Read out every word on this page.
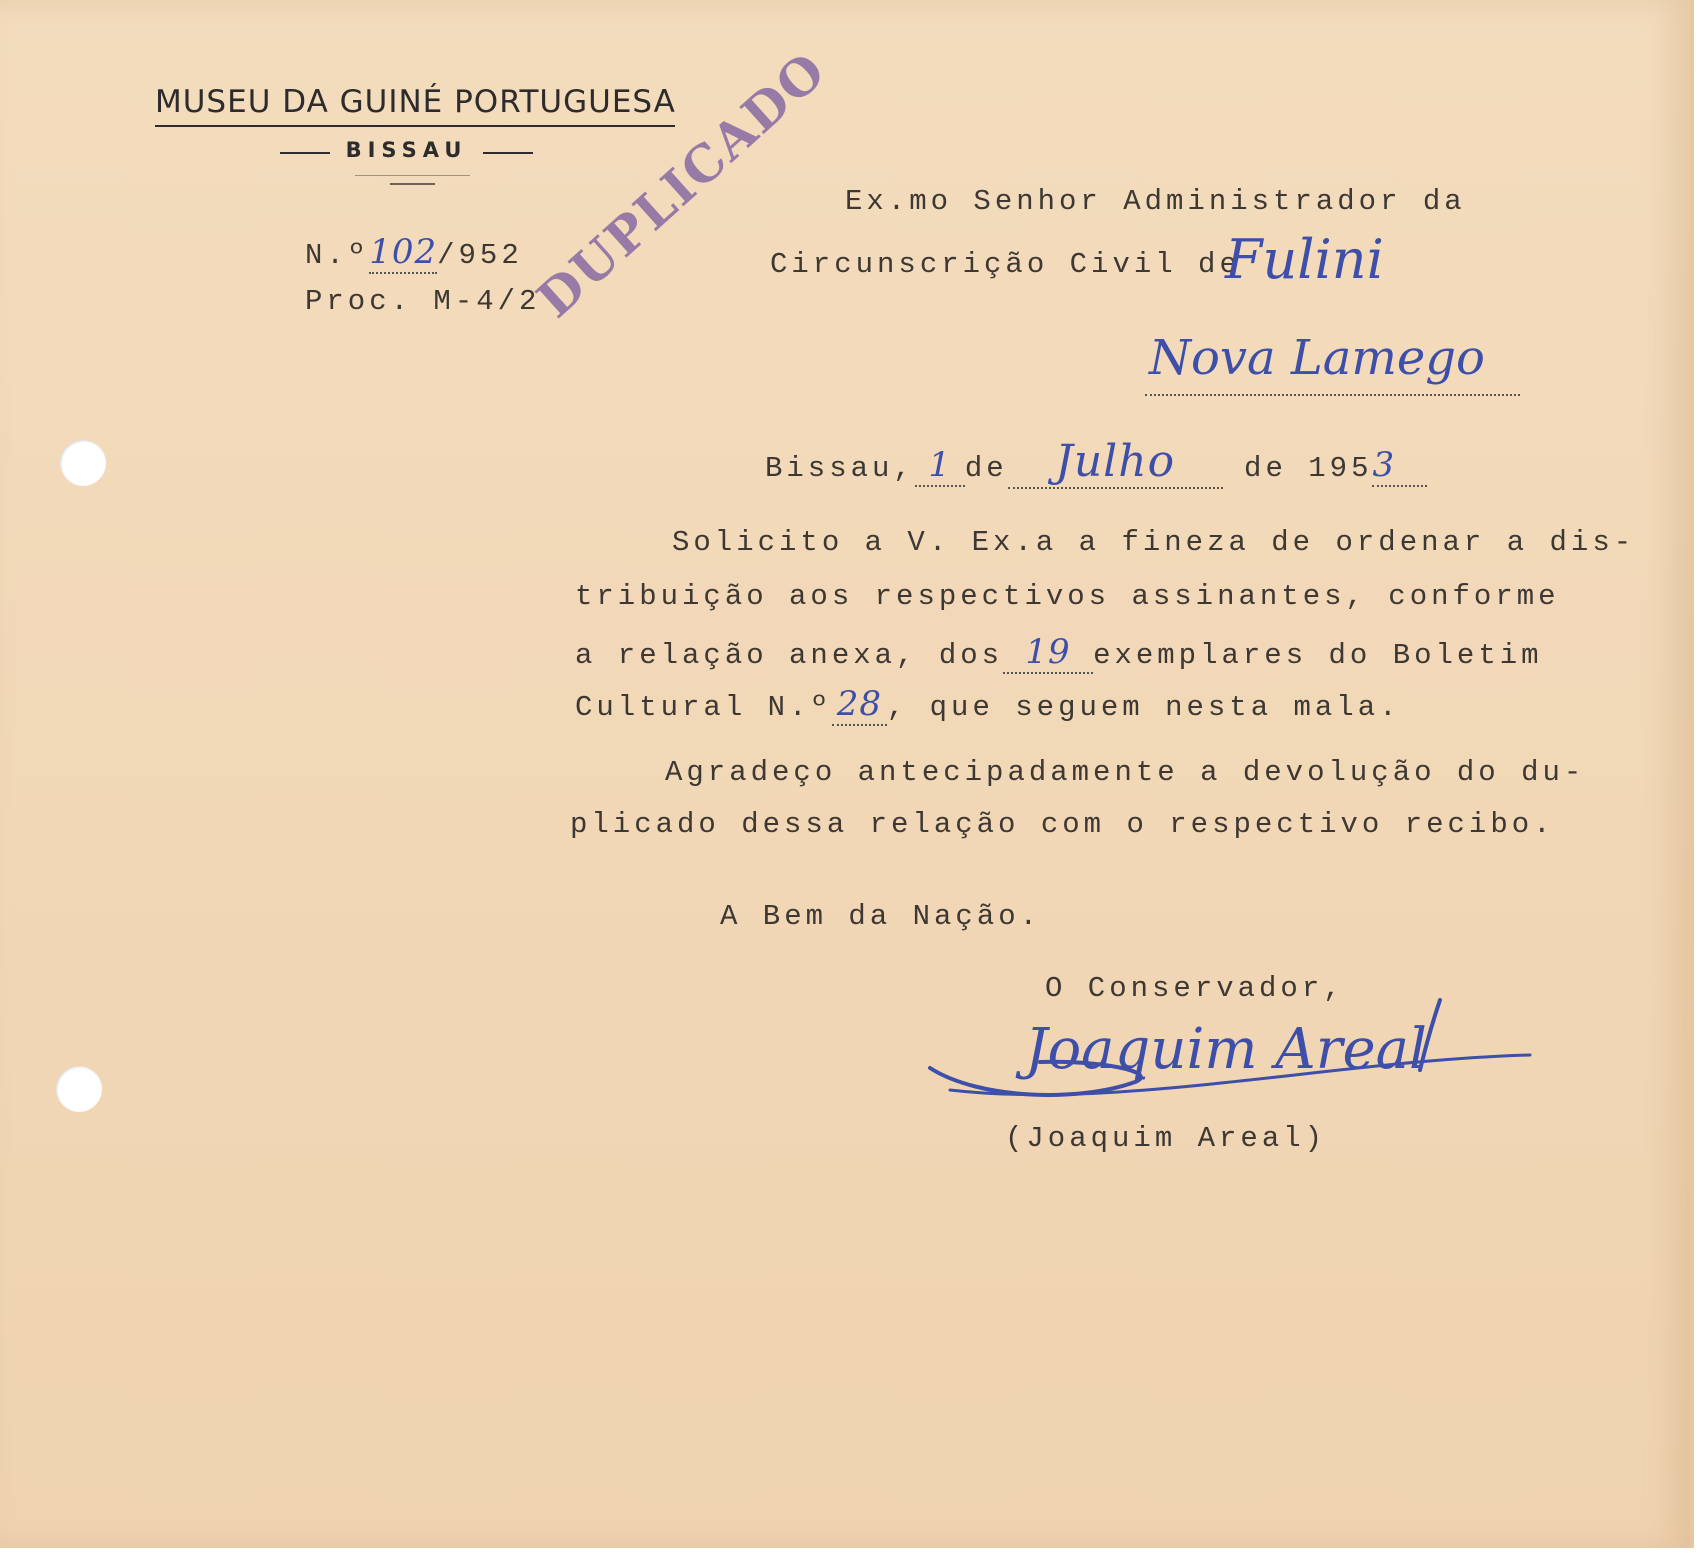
MUSEU DA GUINÉ PORTUGUESA
BISSAU
N.º102/952
Proc. M-4/2
DUPLICADO Ex.mo Senhor Administrador da
Circunscrição Civil de
Fulini
Nova Lamego
Bissau, 1 de Julho de 1953
Solicito a V. Ex.a a fineza de ordenar a dis-
tribuição aos respectivos assinantes, conforme
a relação anexa, dos 19 exemplares do Boletim
Cultural N.º 28 , que seguem nesta mala.
Agradeço antecipadamente a devolução do du-
plicado dessa relação com o respectivo recibo.
A Bem da Nação.
O Conservador,
Joaquim Areal
(Joaquim Areal)
